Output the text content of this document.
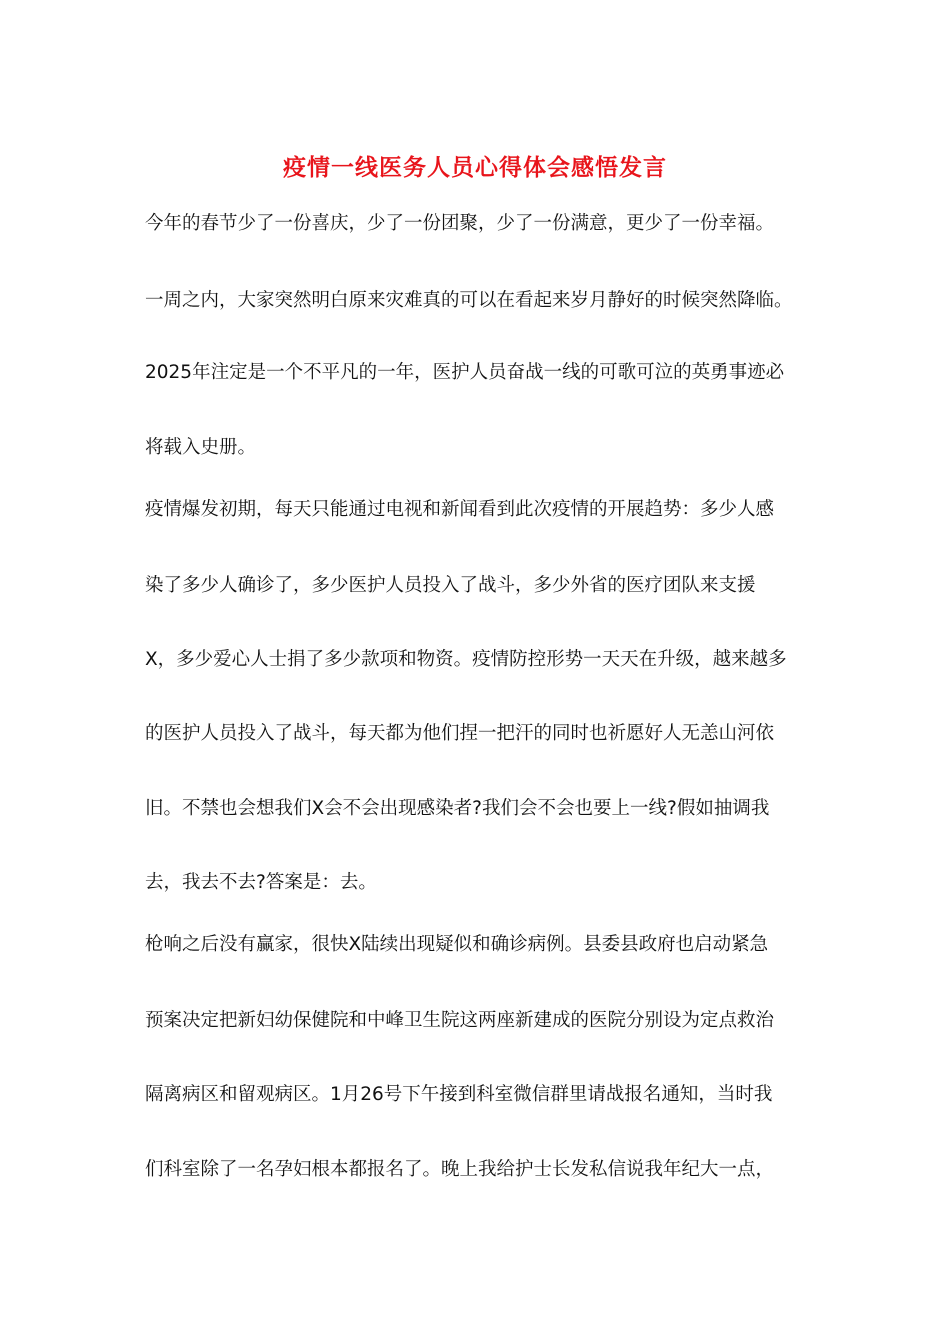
疫情一线医务人员心得体会感悟发言
今年的春节少了一份喜庆，少了一份团聚，少了一份满意，更少了一份幸福。
一周之内，大家突然明白原来灾难真的可以在看起来岁月静好的时候突然降临。
2025年注定是一个不平凡的一年，医护人员奋战一线的可歌可泣的英勇事迹必
将载入史册。
疫情爆发初期，每天只能通过电视和新闻看到此次疫情的开展趋势：多少人感
染了多少人确诊了，多少医护人员投入了战斗，多少外省的医疗团队来支援
X，多少爱心人士捐了多少款项和物资。疫情防控形势一天天在升级，越来越多
的医护人员投入了战斗，每天都为他们捏一把汗的同时也祈愿好人无恙山河依
旧。不禁也会想我们X会不会出现感染者?我们会不会也要上一线?假如抽调我
去，我去不去?答案是：去。
枪响之后没有赢家，很快X陆续出现疑似和确诊病例。县委县政府也启动紧急
预案决定把新妇幼保健院和中峰卫生院这两座新建成的医院分别设为定点救治
隔离病区和留观病区。1月26号下午接到科室微信群里请战报名通知，当时我
们科室除了一名孕妇根本都报名了。晚上我给护士长发私信说我年纪大一点，
